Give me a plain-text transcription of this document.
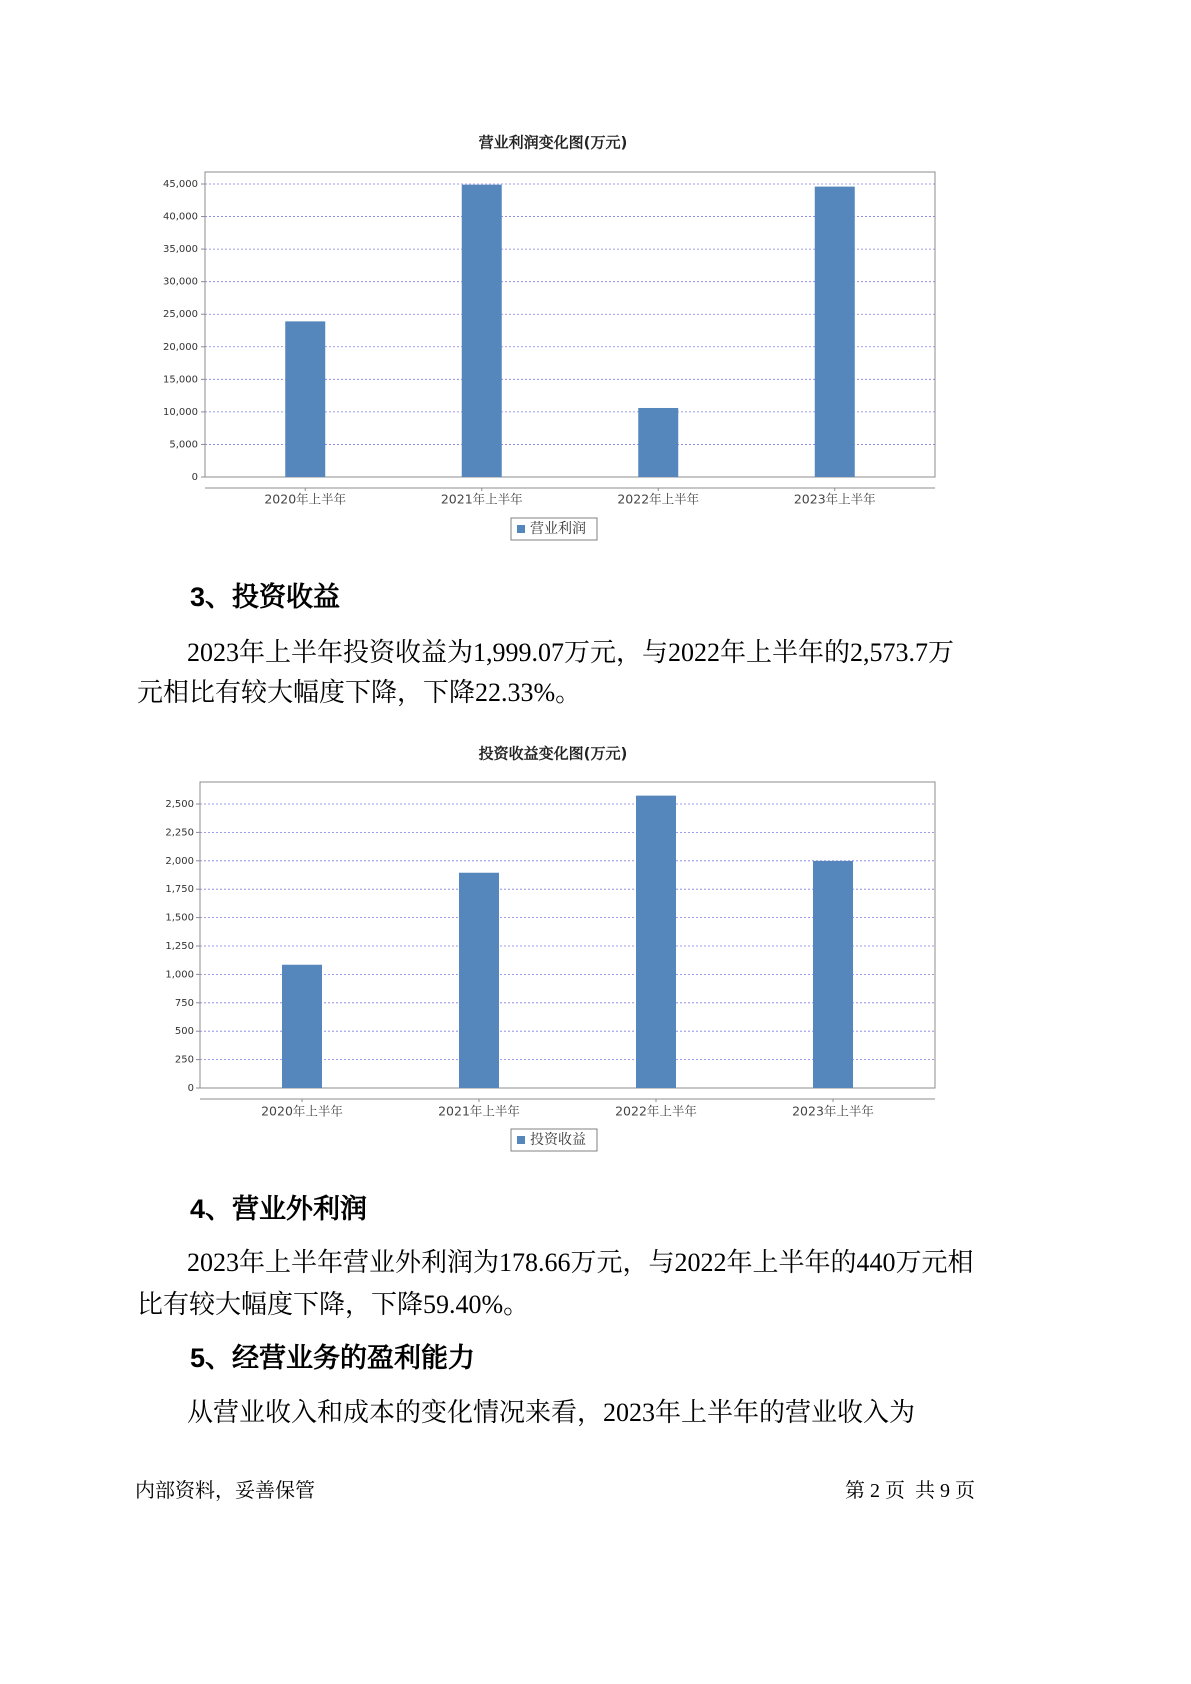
营业利润变化图(万元)
0
5,000
10,000
15,000
20,000
25,000
30,000
35,000
40,000
45,000
2020年上半年	2021年上半年	2022年上半年	2023年上半年
营业利润
3、投资收益
2023年上半年投资收益为1,999.07万元，与2022年上半年的2,573.7万
元相比有较大幅度下降，下降22.33%。
投资收益变化图(万元)
0
250
500
750
1,000
1,250
1,500
1,750
2,000
2,250
2,500
2020年上半年	2021年上半年	2022年上半年	2023年上半年
投资收益
4、营业外利润
2023年上半年营业外利润为178.66万元，与2022年上半年的440万元相
比有较大幅度下降，下降59.40%。
5、经营业务的盈利能力
从营业收入和成本的变化情况来看，2023年上半年的营业收入为
内部资料，妥善保管	第 2 页  共 9 页
